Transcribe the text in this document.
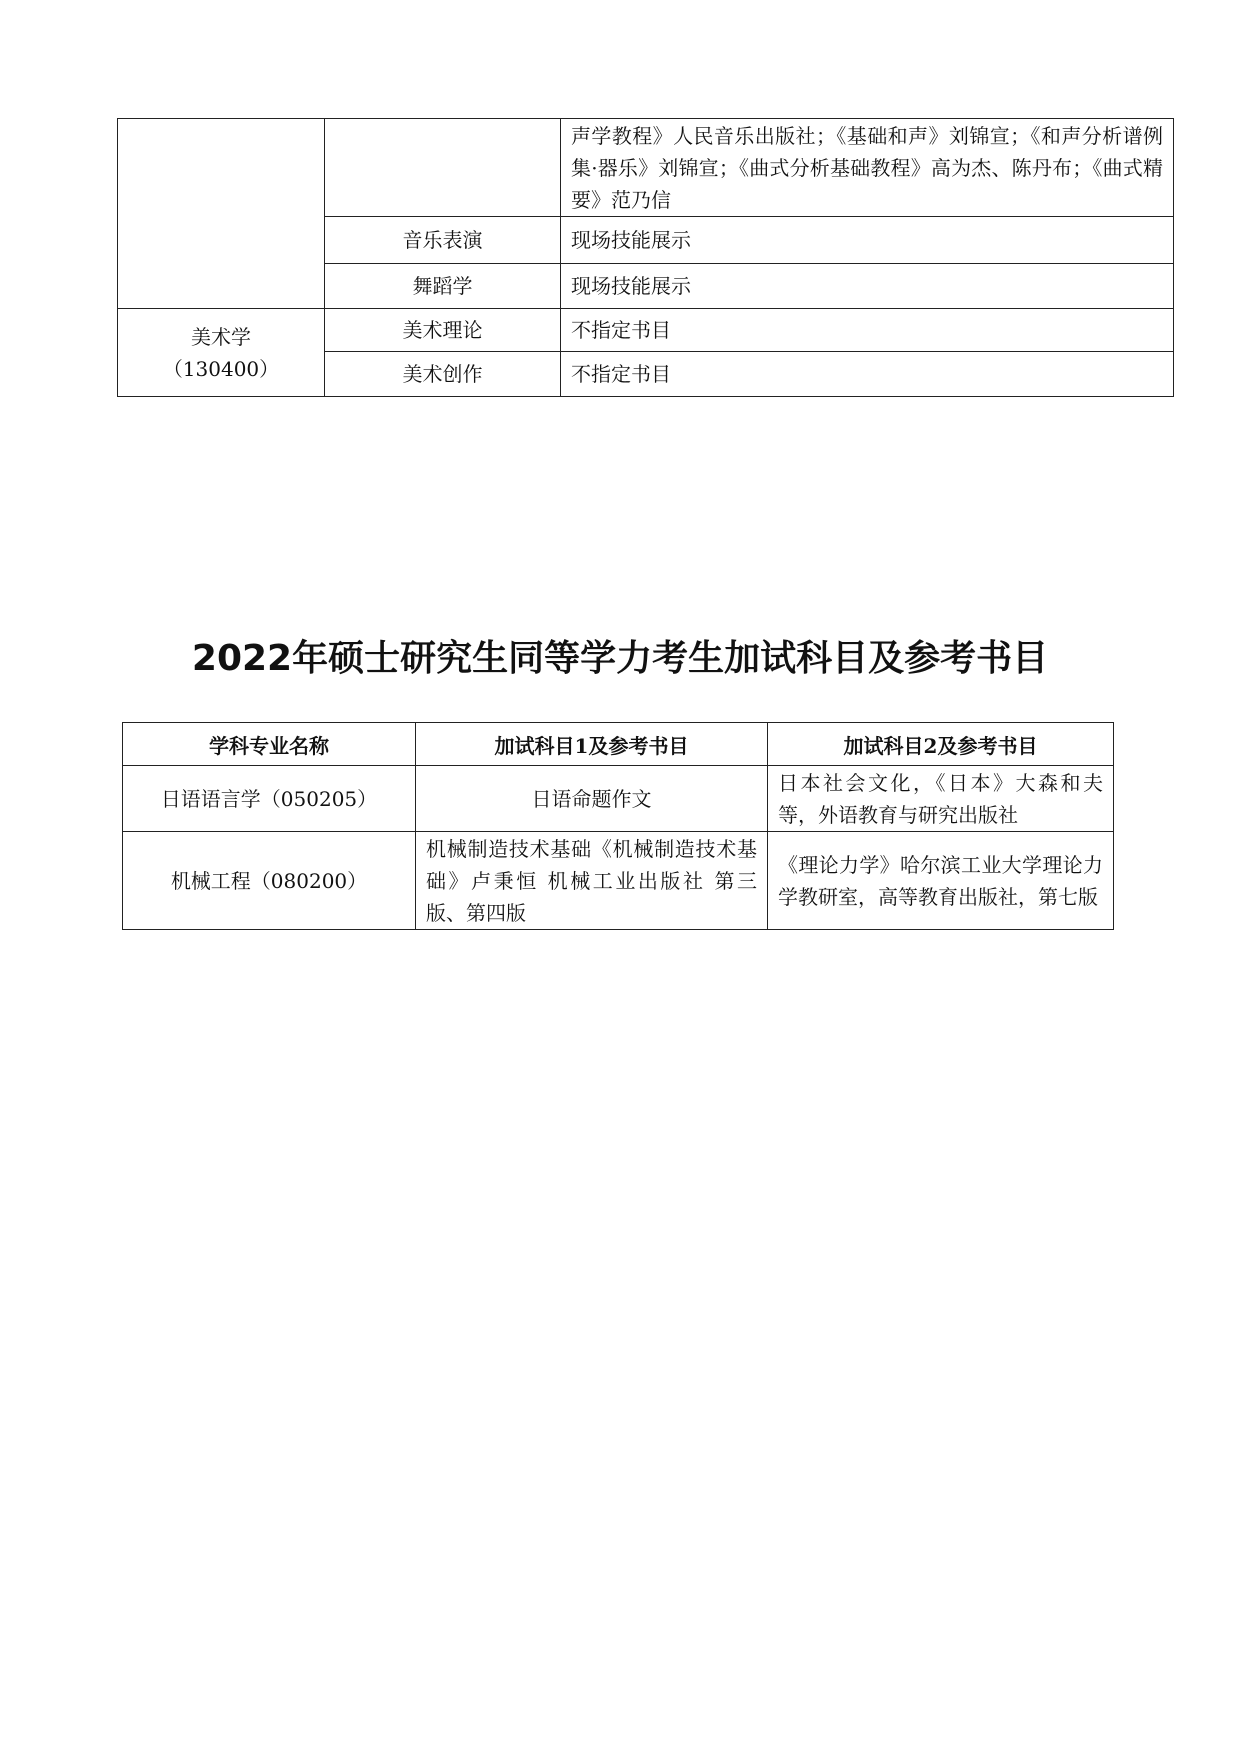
		声学教程》人民音乐出版社；《基础和声》刘锦宣；《和声分析谱例集·器乐》刘锦宣；《曲式分析基础教程》高为杰、陈丹布；《曲式精要》范乃信
	音乐表演	现场技能展示
	舞蹈学	现场技能展示

美术学
（130400）	美术理论	不指定书目
	美术创作	不指定书目
2022年硕士研究生同等学力考生加试科目及参考书目
学科专业名称	加试科目1及参考书目	加试科目2及参考书目
日语语言学（050205）	日语命题作文	日本社会文化，《日本》大森和夫等，外语教育与研究出版社
机械工程（080200）	机械制造技术基础《机械制造技术基础》卢秉恒 机械工业出版社 第三版、第四版	《理论力学》哈尔滨工业大学理论力学教研室，高等教育出版社，第七版
